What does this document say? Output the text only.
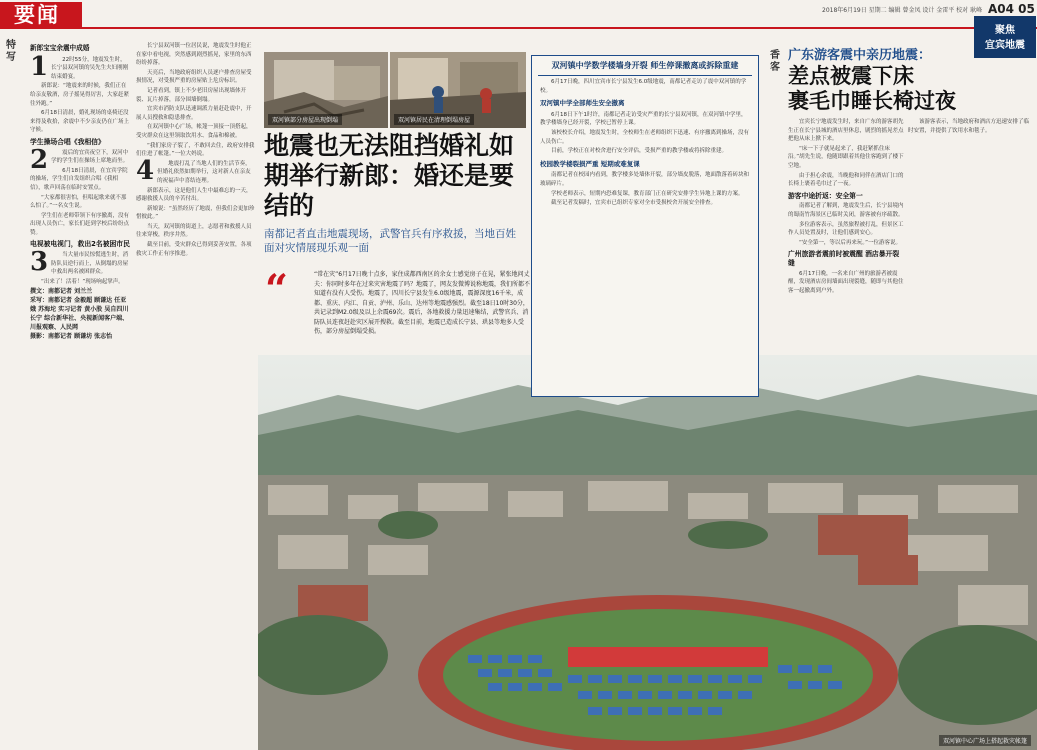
要闻	2018年6月19日 星期二 编辑 曾金凤 设计 金雷平 校对 耿峰 A04 05
聚焦
宜宾地震
特写
新郎宝宝余震中成婚
1	22时55分，地震发生时，长宁县双河镇的吴先生夫妇刚刚结束婚宴。

新郎说：“地震来的时候，我们正在给亲友敬酒，房子摇晃得厉害，大家赶紧往外跑。”

6月18日清晨，婚礼现场的桌椅还没来得及收拾，余震中不少亲友仍在广场上守候。

学生操场合唱《我相信》
2	震后的宜宾夜空下，双河中学的学生们在操场上席地而坐。

6月18日清晨，在宜宾学院的操场，学生们自发组织合唱《我相信》，歌声回荡在临时安置点。

“大家都很害怕，但唱起歌来就不那么怕了。”一名女生说。

学生们在老师带领下有序撤离，没有出现人员伤亡，家长们赶到学校后纷纷点赞。

电视被电视门，救出2名被困市民
3	当大量市民惊慌逃生时，消防队员逆行而上，从倒塌的房屋中救出两名被困群众。

“出来了！活着！”现场响起掌声。

撰文：南都记者 刘兰兰
采写：南都记者 金毅超 顾谦达 任亚娥 苏海坨 实习记者 黄小股 吴自四川
长宁 综合新华社、央视新闻客户端、川报观察、人民网
摄影：南都记者 顾谦坊 张志怡

长宁县双河镇一位居民说，地震发生时他正在家中看电视，突然感到剧烈摇晃，家里的东西纷纷掉落。

天亮后，当地政府组织人员逐户排查房屋受损情况，对受损严重的房屋贴上危房标识。

记者看到，镇上不少老旧房屋出现墙体开裂、瓦片掉落，部分围墙倒塌。

宜宾市消防支队迅速调派力量赶赴震中，开展人员搜救和隐患排查。

在双河镇中心广场，帐篷一顶接一顶搭起，受灾群众在这里领取饮用水、食品和棉被。

“我们家房子裂了，不敢回去住，政府安排我们住进了帐篷。”一位大妈说。

4	地震打乱了当地人们的生活节奏，但婚礼依然如期举行，这对新人在亲友的祝福声中喜结连理。

新郎表示，这是他们人生中最难忘的一天，感谢救援人员的辛苦付出。

新娘说：“虽然经历了地震，但我们会更加珍惜彼此。”

当天，双河镇的街道上，志愿者和救援人员往来穿梭，秩序井然。

截至目前，受灾群众已得到妥善安置，各项救灾工作正有序推进。

双河镇中心广场上搭起救灾帐篷
双河镇部分房屋出现倒塌	双河镇居民在清理倒塌房屋
地震也无法阻挡婚礼如期举行新郎：婚还是要结的
南都记者直击地震现场，武警官兵有序救援，当地百姓面对灾情展现乐观一面
“	“常在灾”6月17日晚十点多，家住成都西南区的余女士感觉房子在晃，紧张地问丈夫：你同时多年在过来灾害地震了吗？地震了，网友发微博说称地震，我们所都不知道有没有人受伤。地震了，四川长宁县发生6.0级地震，震源深度16千米，成都、重庆、内江、自贡、泸州、乐山、达州等地震感强烈。截至18日10时30分，共记录到M2.0级及以上余震69次。震后，各地救援力量迅速集结，武警官兵、消防队员连夜赶赴灾区展开搜救。截至目前，地震已造成长宁县、珙县等地多人受伤，部分房屋倒塌受损。
双河镇中学数学楼墙身开裂 师生停课撤离或拆除重建

6月17日晚，四川宜宾市长宁县发生6.0级地震，南都记者走访了震中双河镇的学校。

双河镇中学全部师生安全撤离

6月18日下午1时许，南都记者走访受灾严重的长宁县双河镇，在双河镇中学里，教学楼墙身已经开裂，学校已暂停上课。

该校校长介绍，地震发生时，全校师生在老师组织下迅速、有序撤离到操场，没有人员伤亡。

目前，学校正在对校舍进行安全评估，受损严重的教学楼或将拆除重建。

校园教学楼裂损严重 短期或难复课

南都记者在校园内看到，教学楼多处墙体开裂，部分墙皮脱落，地面散落着砖块和玻璃碎片。

学校老师表示，短期内恐难复课，教育部门正在研究安排学生异地上课的方案。

截至记者发稿时，宜宾市已组织专家对全市受损校舍开展安全排查。

香客
广东游客震中亲历地震：
差点被震下床
裹毛巾睡长椅过夜

宜宾长宁地震发生时，来自广东的游客胡先生正在长宁县城的酒店里休息，剧烈的摇晃差点把他从床上掀下来。

“床一下子就晃起来了，我赶紧抓住床沿。”胡先生说，他随即跟着其他住客跑到了楼下空地。

由于担心余震，当晚他和同伴在酒店门口的长椅上裹着毛巾过了一夜。

游客中途折返：安全第一

南都记者了解到，地震发生后，长宁县境内的蜀南竹海景区已临时关闭，游客被有序疏散。

多位游客表示，虽然旅程被打乱，但景区工作人员处置及时，让他们感到安心。

“安全第一，等以后再来玩。”一位游客说。

广州旅游者震前时被震醒 酒店暴开裂缝

6月17日晚，一名来自广州的旅游者被震醒，发现酒店房间墙面出现裂缝，随即与其他住客一起撤离到户外。

该游客表示，当地政府和酒店方迅速安排了临时安置，并提供了饮用水和毯子。
